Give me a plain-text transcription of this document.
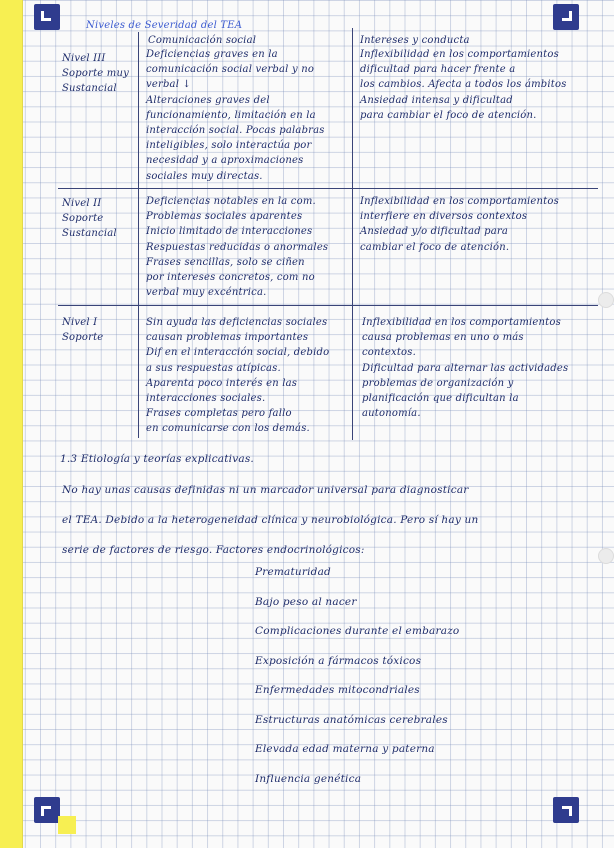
Niveles de Severidad del TEA
Comunicación social	Intereses y conducta
Nivel III
Soporte muy
Sustancial
Deficiencias graves en la
comunicación social verbal y no
verbal ↓
Alteraciones graves del
funcionamiento, limitación en la
interacción social. Pocas palabras
inteligibles, solo interactúa por
necesidad y a aproximaciones
sociales muy directas.
Inflexibilidad en los comportamientos
dificultad para hacer frente a
los cambios. Afecta a todos los ámbitos
Ansiedad intensa y dificultad
para cambiar el foco de atención.
Nivel II
Soporte
Sustancial
Deficiencias notables en la com.
Problemas sociales aparentes
Inicio limitado de interacciones
Respuestas reducidas o anormales
Frases sencillas, solo se ciñen
por intereses concretos, com no
verbal muy excéntrica.
Inflexibilidad en los comportamientos
interfiere en diversos contextos
Ansiedad y/o dificultad para
cambiar el foco de atención.
Nivel I
Soporte
Sin ayuda las deficiencias sociales
causan problemas importantes
Dif en el interacción social, debido
a sus respuestas atípicas.
Aparenta poco interés en las
interacciones sociales.
Frases completas pero fallo
en comunicarse con los demás.
Inflexibilidad en los comportamientos
causa problemas en uno o más
contextos.
Dificultad para alternar las actividades
problemas de organización y
planificación que dificultan la
autonomía.
1.3 Etiología y teorías explicativas.
No hay unas causas definidas ni un marcador universal para diagnosticar
el TEA. Debido a la heterogeneidad clínica y neurobiológica. Pero sí hay un
serie de factores de riesgo. Factores endocrinológicos:
Prematuridad
Bajo peso al nacer
Complicaciones durante el embarazo
Exposición a fármacos tóxicos
Enfermedades mitocondriales
Estructuras anatómicas cerebrales
Elevada edad materna y paterna
Influencia genética
